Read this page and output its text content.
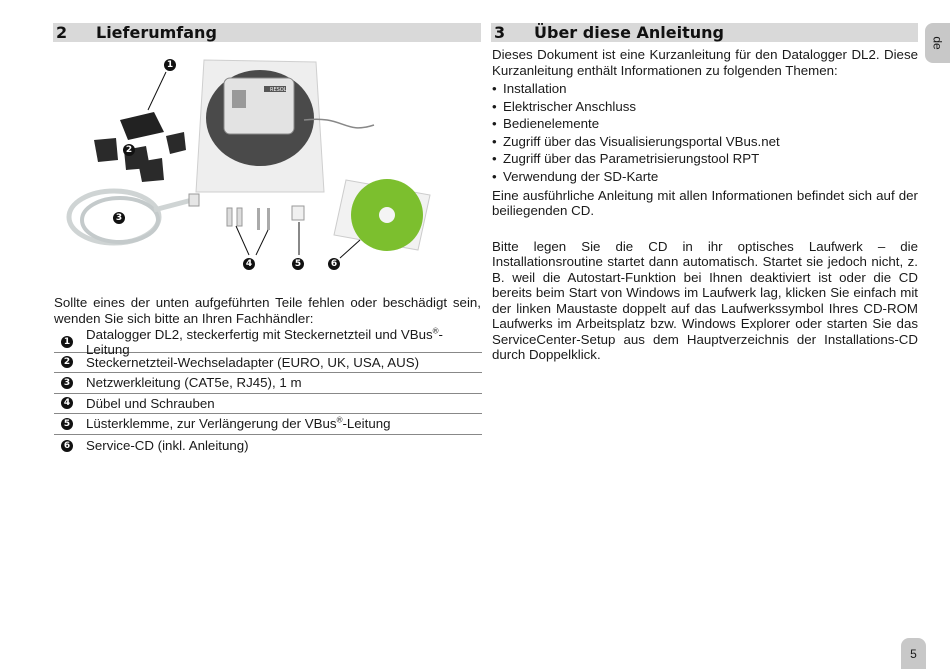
2	Lieferumfang	3	Über diese Anleitung
RESOL
1
2
3
4	5	6
Sollte eines der unten aufgeführten Teile fehlen oder beschädigt sein, wenden Sie sich bitte an Ihren Fachhändler:
1 Datalogger DL2, steckerfertig mit Steckernetzteil und VBus®-Leitung
2 Steckernetzteil-Wechseladapter (EURO, UK, USA, AUS)
3 Netzwerkleitung (CAT5e, RJ45), 1 m
4 Dübel und Schrauben
5 Lüsterklemme, zur Verlängerung der VBus®-Leitung
6 Service-CD (inkl. Anleitung)

Dieses Dokument ist eine Kurzanleitung für den Datalogger DL2. Diese Kurzanleitung enthält Informationen zu folgenden Themen:

• Installation
• Elektrischer Anschluss
• Bedienelemente
• Zugriff über das Visualisierungsportal VBus.net
• Zugriff über das Parametrisierungstool RPT
• Verwendung der SD-Karte

Eine ausführliche Anleitung mit allen Informationen befindet sich auf der beiliegenden CD.

Bitte legen Sie die CD in ihr optisches Laufwerk – die Installationsroutine startet dann automatisch. Startet sie jedoch nicht, z. B. weil die Autostart-Funktion bei Ihnen deaktiviert ist oder die CD bereits beim Start von Windows im Laufwerk lag, klicken Sie einfach mit der linken Maustaste doppelt auf das Laufwerkssymbol Ihres CD-ROM Laufwerks im Arbeitsplatz bzw. Windows Explorer oder starten Sie das ServiceCenter-Setup aus dem Hauptverzeichnis der Installations-CD durch Doppelklick.

de
5
